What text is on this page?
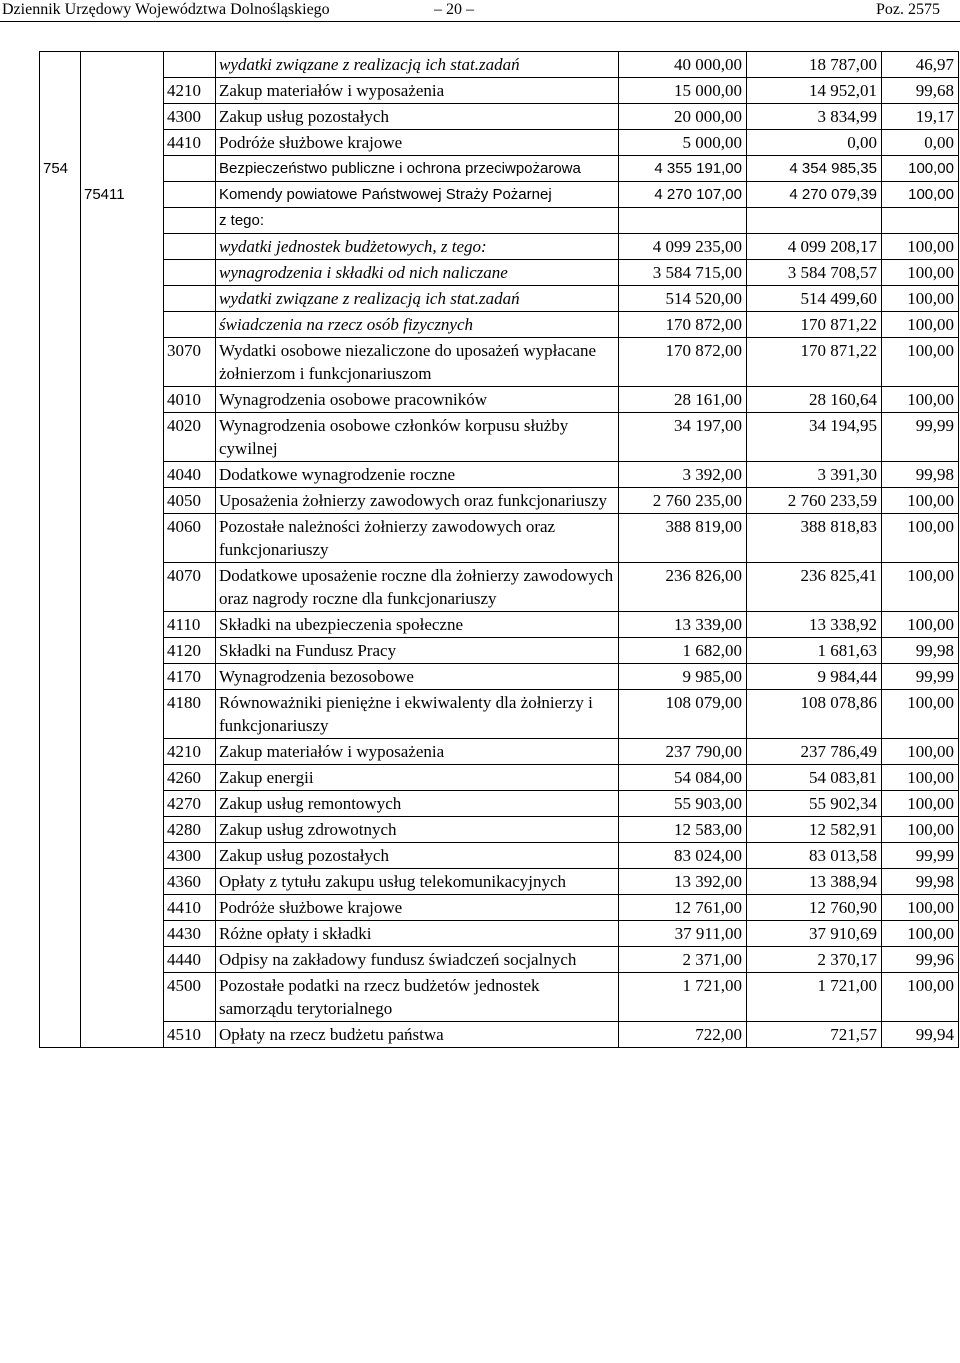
Dziennik Urzędowy Województwa Dolnośląskiego	– 20 –	Poz. 2575
			wydatki związane z realizacją ich stat.zadań	40 000,00	18 787,00	46,97
		4210	Zakup materiałów i wyposażenia	15 000,00	14 952,01	99,68
		4300	Zakup usług pozostałych	20 000,00	3 834,99	19,17
		4410	Podróże służbowe krajowe	5 000,00	0,00	0,00
754			Bezpieczeństwo publiczne i ochrona przeciwpożarowa	4 355 191,00	4 354 985,35	100,00
	75411		Komendy powiatowe Państwowej Straży Pożarnej	4 270 107,00	4 270 079,39	100,00
			z tego:			
			wydatki jednostek budżetowych, z tego:	4 099 235,00	4 099 208,17	100,00
			wynagrodzenia i składki od nich naliczane	3 584 715,00	3 584 708,57	100,00
			wydatki związane z realizacją ich stat.zadań	514 520,00	514 499,60	100,00
			świadczenia na rzecz osób fizycznych	170 872,00	170 871,22	100,00
		3070	Wydatki osobowe niezaliczone do uposażeń wypłacane żołnierzom i funkcjonariuszom	170 872,00	170 871,22	100,00
		4010	Wynagrodzenia osobowe pracowników	28 161,00	28 160,64	100,00
		4020	Wynagrodzenia osobowe członków korpusu służby cywilnej	34 197,00	34 194,95	99,99
		4040	Dodatkowe wynagrodzenie roczne	3 392,00	3 391,30	99,98
		4050	Uposażenia żołnierzy zawodowych oraz funkcjonariuszy	2 760 235,00	2 760 233,59	100,00
		4060	Pozostałe należności żołnierzy zawodowych oraz funkcjonariuszy	388 819,00	388 818,83	100,00
		4070	Dodatkowe uposażenie roczne dla żołnierzy zawodowych oraz nagrody roczne dla funkcjonariuszy	236 826,00	236 825,41	100,00
		4110	Składki na ubezpieczenia społeczne	13 339,00	13 338,92	100,00
		4120	Składki na Fundusz Pracy	1 682,00	1 681,63	99,98
		4170	Wynagrodzenia bezosobowe	9 985,00	9 984,44	99,99
		4180	Równoważniki pieniężne i ekwiwalenty dla żołnierzy i funkcjonariuszy	108 079,00	108 078,86	100,00
		4210	Zakup materiałów i wyposażenia	237 790,00	237 786,49	100,00
		4260	Zakup energii	54 084,00	54 083,81	100,00
		4270	Zakup usług remontowych	55 903,00	55 902,34	100,00
		4280	Zakup usług zdrowotnych	12 583,00	12 582,91	100,00
		4300	Zakup usług pozostałych	83 024,00	83 013,58	99,99
		4360	Opłaty z tytułu zakupu usług telekomunikacyjnych	13 392,00	13 388,94	99,98
		4410	Podróże służbowe krajowe	12 761,00	12 760,90	100,00
		4430	Różne opłaty i składki	37 911,00	37 910,69	100,00
		4440	Odpisy na zakładowy fundusz świadczeń socjalnych	2 371,00	2 370,17	99,96
		4500	Pozostałe podatki na rzecz budżetów jednostek samorządu terytorialnego	1 721,00	1 721,00	100,00
		4510	Opłaty na rzecz budżetu państwa	722,00	721,57	99,94
